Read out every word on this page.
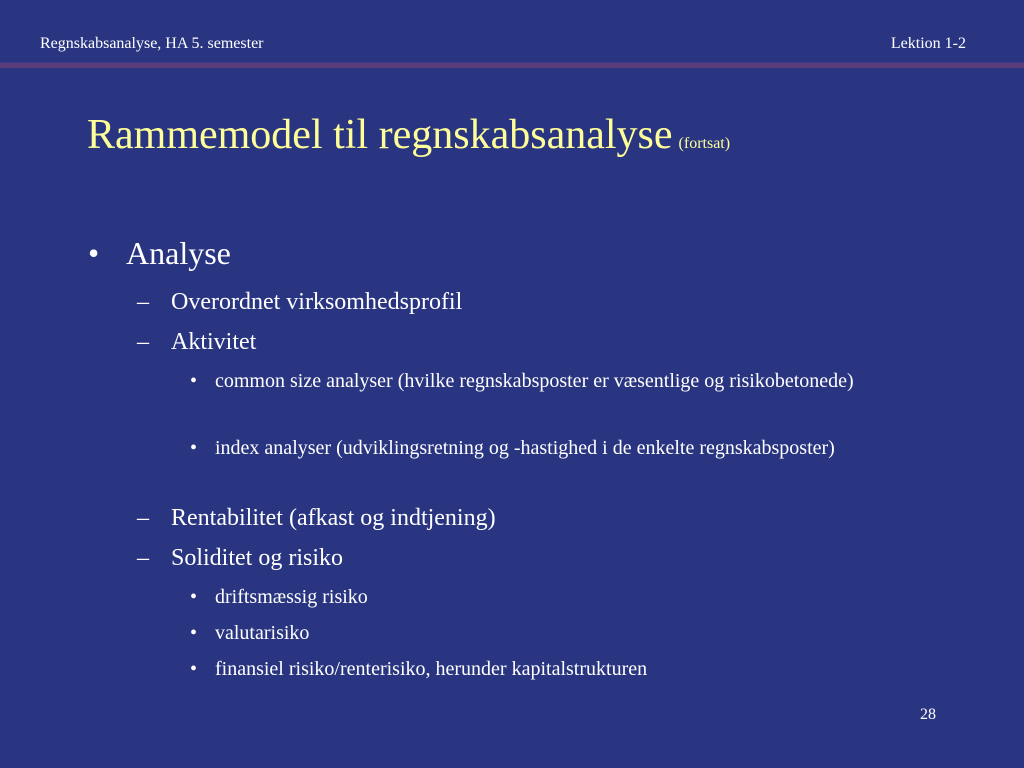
Regnskabsanalyse, HA 5. semester	Lektion 1-2
Rammemodel til regnskabsanalyse (fortsat)
• Analyse
– Overordnet virksomhedsprofil
– Aktivitet
• common size analyser (hvilke regnskabsposter er væsentlige og risikobetonede)
• index analyser (udviklingsretning og -hastighed i de enkelte regnskabsposter)
– Rentabilitet (afkast og indtjening)
– Soliditet og risiko
• driftsmæssig risiko
• valutarisiko
• finansiel risiko/renterisiko, herunder kapitalstrukturen
28
